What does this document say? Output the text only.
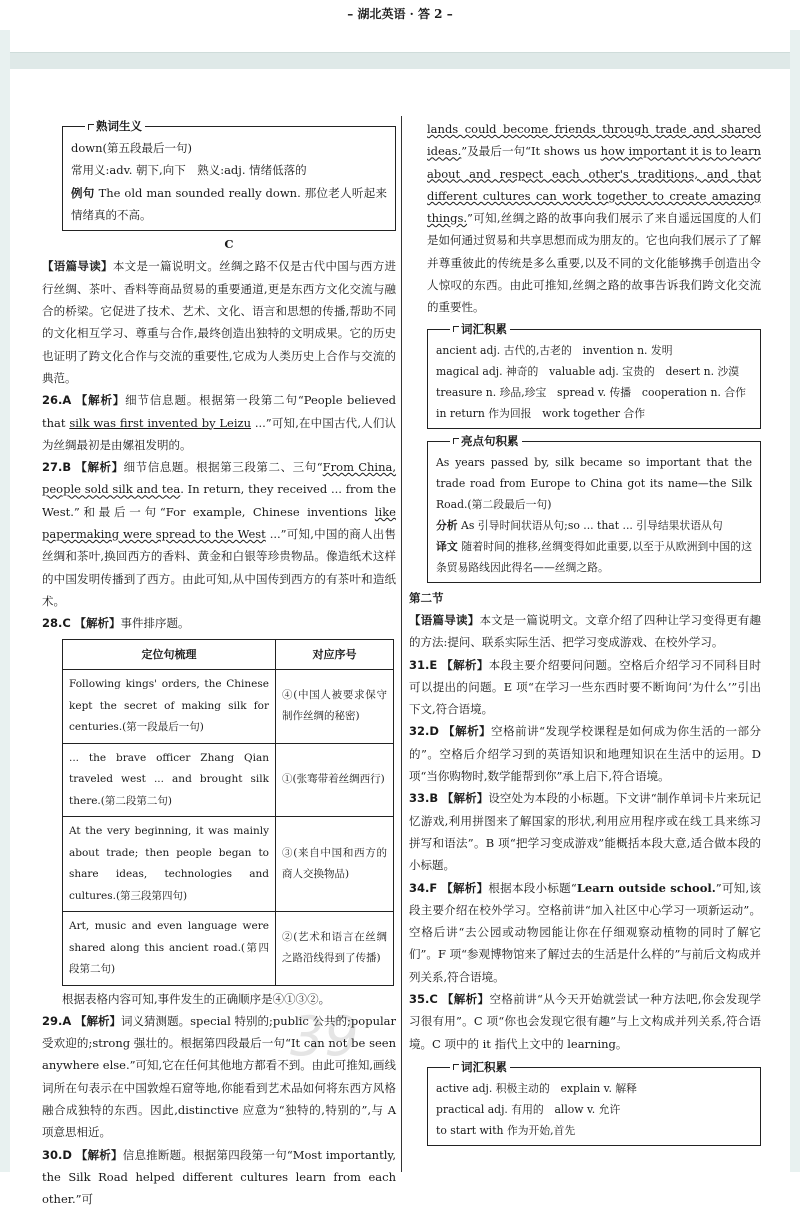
– 湖北英语 · 答 2 –
39
熟词生义

down(第五段最后一句)

常用义:adv. 朝下,向下　熟义:adj. 情绪低落的

例句 The old man sounded really down. 那位老人听起来情绪真的不高。

C

【语篇导读】本文是一篇说明文。丝绸之路不仅是古代中国与西方进行丝绸、茶叶、香料等商品贸易的重要通道,更是东西方文化交流与融合的桥梁。它促进了技术、艺术、文化、语言和思想的传播,帮助不同的文化相互学习、尊重与合作,最终创造出独特的文明成果。它的历史也证明了跨文化合作与交流的重要性,它成为人类历史上合作与交流的典范。

26.A 【解析】细节信息题。根据第一段第二句“People believed that silk was first invented by Leizu ...”可知,在中国古代,人们认为丝绸最初是由嫘祖发明的。

27.B 【解析】细节信息题。根据第三段第二、三句“From China, people sold silk and tea. In return, they received ... from the West.”和最后一句“For example, Chinese inventions like papermaking were spread to the West ...”可知,中国的商人出售丝绸和茶叶,换回西方的香料、黄金和白银等珍贵物品。像造纸术这样的中国发明传播到了西方。由此可知,从中国传到西方的有茶叶和造纸术。

28.C 【解析】事件排序题。

定位句梳理	对应序号
Following kings' orders, the Chinese kept the secret of making silk for centuries.(第一段最后一句)	④(中国人被要求保守制作丝绸的秘密)
... the brave officer Zhang Qian traveled west ... and brought silk there.(第二段第二句)	①(张骞带着丝绸西行)
At the very beginning, it was mainly about trade; then people began to share ideas, technologies and cultures.(第三段第四句)	③(来自中国和西方的商人交换物品)
Art, music and even language were shared along this ancient road.(第四段第二句)	②(艺术和语言在丝绸之路沿线得到了传播)

根据表格内容可知,事件发生的正确顺序是④①③②。

29.A 【解析】词义猜测题。special 特别的;public 公共的;popular 受欢迎的;strong 强壮的。根据第四段最后一句“It can not be seen anywhere else.”可知,它在任何其他地方都看不到。由此可推知,画线词所在句表示在中国敦煌石窟等地,你能看到艺术品如何将东西方风格融合成独特的东西。因此,distinctive 应意为“独特的,特别的”,与 A 项意思相近。

30.D 【解析】信息推断题。根据第四段第一句“Most importantly, the Silk Road helped different cultures learn from each other.”可

lands could become friends through trade and shared ideas.”及最后一句“It shows us how important it is to learn about and respect each other's traditions, and that different cultures can work together to create amazing things.”可知,丝绸之路的故事向我们展示了来自遥远国度的人们是如何通过贸易和共享思想而成为朋友的。它也向我们展示了了解并尊重彼此的传统是多么重要,以及不同的文化能够携手创造出令人惊叹的东西。由此可推知,丝绸之路的故事告诉我们跨文化交流的重要性。

词汇积累

ancient adj. 古代的,古老的　invention n. 发明

magical adj. 神奇的　valuable adj. 宝贵的　desert n. 沙漠

treasure n. 珍品,珍宝　spread v. 传播　cooperation n. 合作

in return 作为回报　work together 合作

亮点句积累

As years passed by, silk became so important that the trade road from Europe to China got its name—the Silk Road.(第二段最后一句)

分析 As 引导时间状语从句;so ... that ... 引导结果状语从句

译文 随着时间的推移,丝绸变得如此重要,以至于从欧洲到中国的这条贸易路线因此得名——丝绸之路。

第二节

【语篇导读】本文是一篇说明文。文章介绍了四种让学习变得更有趣的方法:提问、联系实际生活、把学习变成游戏、在校外学习。

31.E 【解析】本段主要介绍要问问题。空格后介绍学习不同科目时可以提出的问题。E 项“在学习一些东西时要不断询问‘为什么’”引出下文,符合语境。

32.D 【解析】空格前讲“发现学校课程是如何成为你生活的一部分的”。空格后介绍学习到的英语知识和地理知识在生活中的运用。D 项“当你购物时,数学能帮到你”承上启下,符合语境。

33.B 【解析】设空处为本段的小标题。下文讲“制作单词卡片来玩记忆游戏,利用拼图来了解国家的形状,利用应用程序或在线工具来练习拼写和语法”。B 项“把学习变成游戏”能概括本段大意,适合做本段的小标题。

34.F 【解析】根据本段小标题“Learn outside school.”可知,该段主要介绍在校外学习。空格前讲“加入社区中心学习一项新运动”。空格后讲“去公园或动物园能让你在仔细观察动植物的同时了解它们”。F 项“参观博物馆来了解过去的生活是什么样的”与前后文构成并列关系,符合语境。

35.C 【解析】空格前讲“从今天开始就尝试一种方法吧,你会发现学习很有用”。C 项“你也会发现它很有趣”与上文构成并列关系,符合语境。C 项中的 it 指代上文中的 learning。

词汇积累

active adj. 积极主动的　explain v. 解释

practical adj. 有用的　allow v. 允许

to start with 作为开始,首先
